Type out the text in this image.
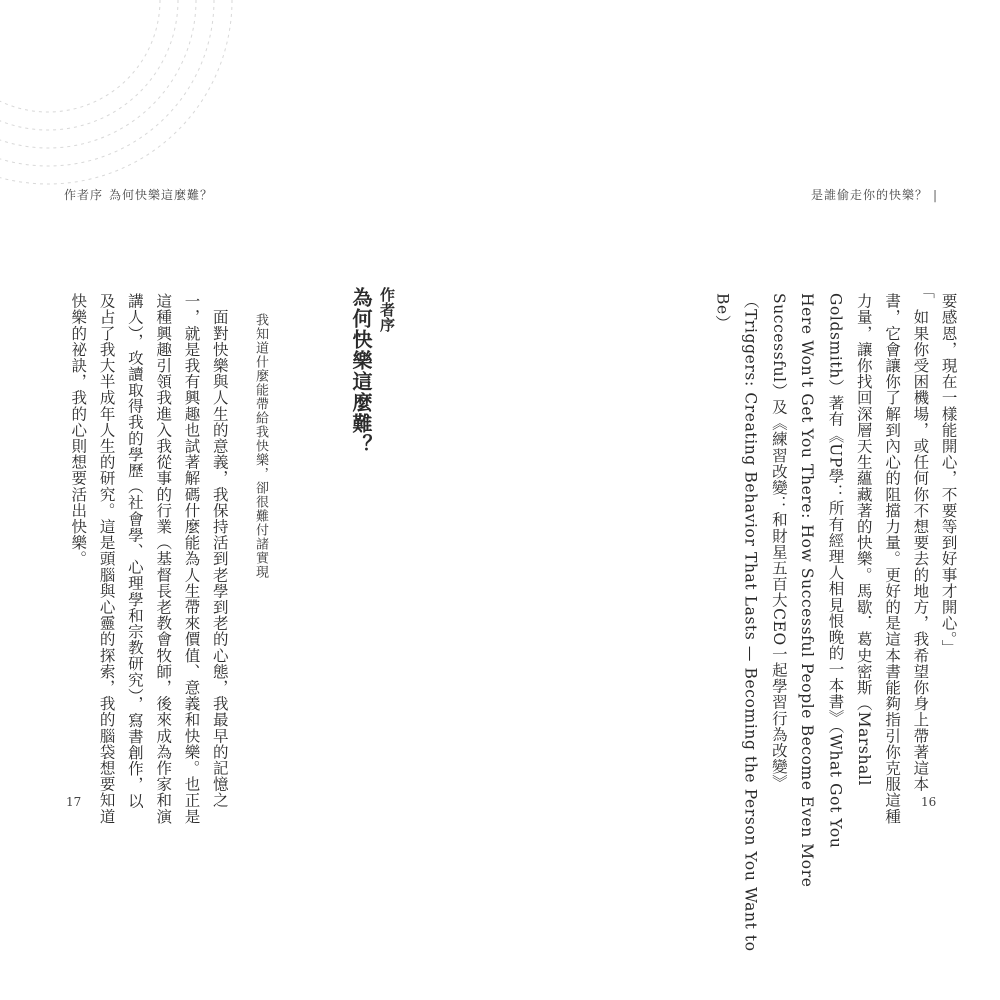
作者序 為何快樂這麼難？
作者序
為何快樂這麼難？
我知道什麼能帶給我快樂，卻很難付諸實現
　面對快樂與人生的意義，我保持活到老學到老的心態，我最早的記憶之
一，就是我有興趣也試著解碼什麼能為人生帶來價值、意義和快樂。也正是
這種興趣引領我進入我從事的行業（基督長老教會牧師，後來成為作家和演
講人），攻讀取得我的學歷（社會學、心理學和宗教研究），寫書創作，以
及占了我大半成年人生的研究。這是頭腦與心靈的探索，我的腦袋想要知道
快樂的祕訣，我的心則想要活出快樂。
17
是誰偷走你的快樂？ |
「
要感恩，現在一樣能開心，不要等到好事才開心。」
　如果你受困機場，或任何你不想要去的地方，我希望你身上帶著這本
書，它會讓你了解到內心的阻擋力量。更好的是這本書能夠指引你克服這種
力量，讓你找回深層天生蘊藏著的快樂。馬歇．葛史密斯（Marshall
Goldsmith）著有《UP學：所有經理人相見恨晚的一本書》（What Got You
Here Won't Get You There: How Successful People Become Even More
Successful）及《練習改變：和財星五百大CEO一起學習行為改變》
（Triggers: Creating Behavior That Lasts — Becoming the Person You Want to
Be）
16
